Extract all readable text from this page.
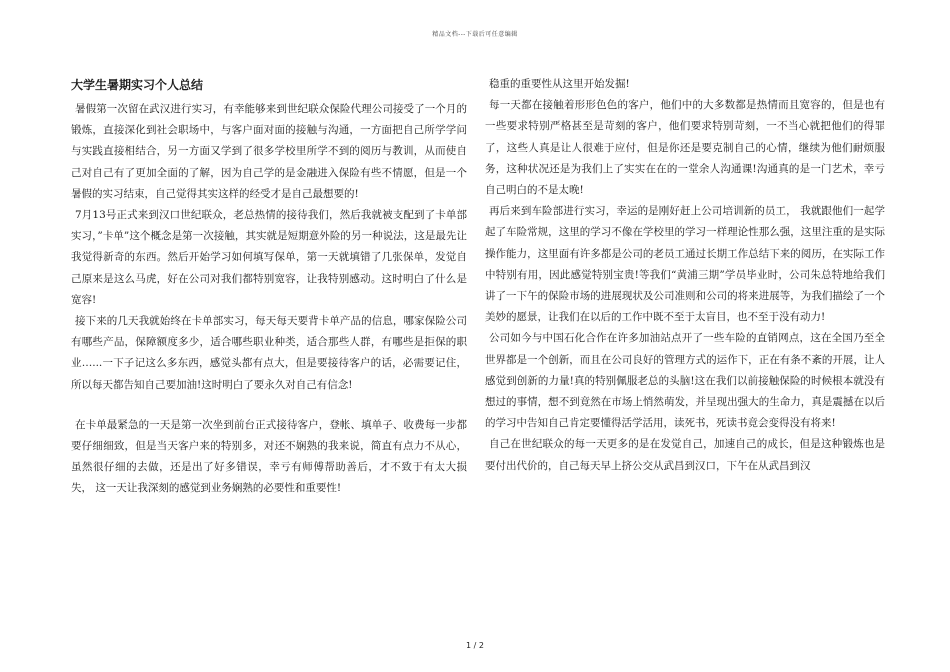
精品文档---下载后可任意编辑
大学生暑期实习个人总结

暑假第一次留在武汉进行实习，有幸能够来到世纪联众保险代理公司接受了一个月的锻炼，直接深化到社会职场中，与客户面对面的接触与沟通，一方面把自己所学学问与实践直接相结合，另一方面又学到了很多学校里所学不到的阅历与教训，从而使自己对自己有了更加全面的了解，因为自己学的是金融进入保险有些不情愿，但是一个暑假的实习结束，自己觉得其实这样的经受才是自己最想要的!

7月13号正式来到汉口世纪联众，老总热情的接待我们，然后我就被支配到了卡单部实习，”卡单”这个概念是第一次接触，其实就是短期意外险的另一种说法，这是最先让我觉得新奇的东西。然后开始学习如何填写保单，第一天就填错了几张保单，发觉自己原来是这么马虎，好在公司对我们都特别宽容，让我特别感动。这时明白了什么是宽容!

接下来的几天我就始终在卡单部实习，每天每天要背卡单产品的信息，哪家保险公司有哪些产品，保障额度多少，适合哪些职业种类，适合那些人群，有哪些是拒保的职业…...一下子记这么多东西，感觉头都有点大，但是要接待客户的话，必需要记住，所以每天都告知自己要加油!这时明白了要永久对自己有信念!

在卡单最紧急的一天是第一次坐到前台正式接待客户，登帐、填单子、收费每一步都要仔细细致，但是当天客户来的特别多，对还不娴熟的我来说，简直有点力不从心，虽然很仔细的去做，还是出了好多错误，幸亏有师傅帮助善后，才不致于有太大损失， 这一天让我深刻的感觉到业务娴熟的必要性和重要性!

稳重的重要性从这里开始发掘!

每一天都在接触着形形色色的客户，他们中的大多数都是热情而且宽容的，但是也有一些要求特别严格甚至是苛刻的客户，他们要求特别苛刻，一不当心就把他们的得罪了，这些人真是让人很难于应付，但是你还是要克制自己的心情，继续为他们耐烦服务，这种状况还是为我们上了实实在在的一堂余人沟通课!沟通真的是一门艺术，幸亏自己明白的不是太晚!

再后来到车险部进行实习，幸运的是刚好赶上公司培训新的员工， 我就跟他们一起学起了车险常规，这里的学习不像在学校里的学习一样理论性那么强，这里注重的是实际操作能力，这里面有许多都是公司的老员工通过长期工作总结下来的阅历，在实际工作中特别有用，因此感觉特别宝贵!等我们“黄浦三期”学员毕业时，公司朱总特地给我们讲了一下午的保险市场的进展现状及公司准则和公司的将来进展等，为我们描绘了一个美妙的愿景，让我们在以后的工作中既不至于太盲目，也不至于没有动力!

公司如今与中国石化合作在许多加油站点开了一些车险的直销网点，这在全国乃至全世界都是一个创新，而且在公司良好的管理方式的运作下，正在有条不紊的开展，让人感觉到创新的力量!真的特别佩服老总的头脑!这在我们以前接触保险的时候根本就没有想过的事情，想不到竟然在市场上悄然萌发，并呈现出强大的生命力，真是震撼在以后的学习中告知自己肯定要懂得活学活用，读死书，死读书竟会变得没有将来!

自己在世纪联众的每一天更多的是在发觉自己，加速自己的成长，但是这种锻炼也是要付出代价的，自己每天早上挤公交从武昌到汉口，下午在从武昌到汉

1 / 2
